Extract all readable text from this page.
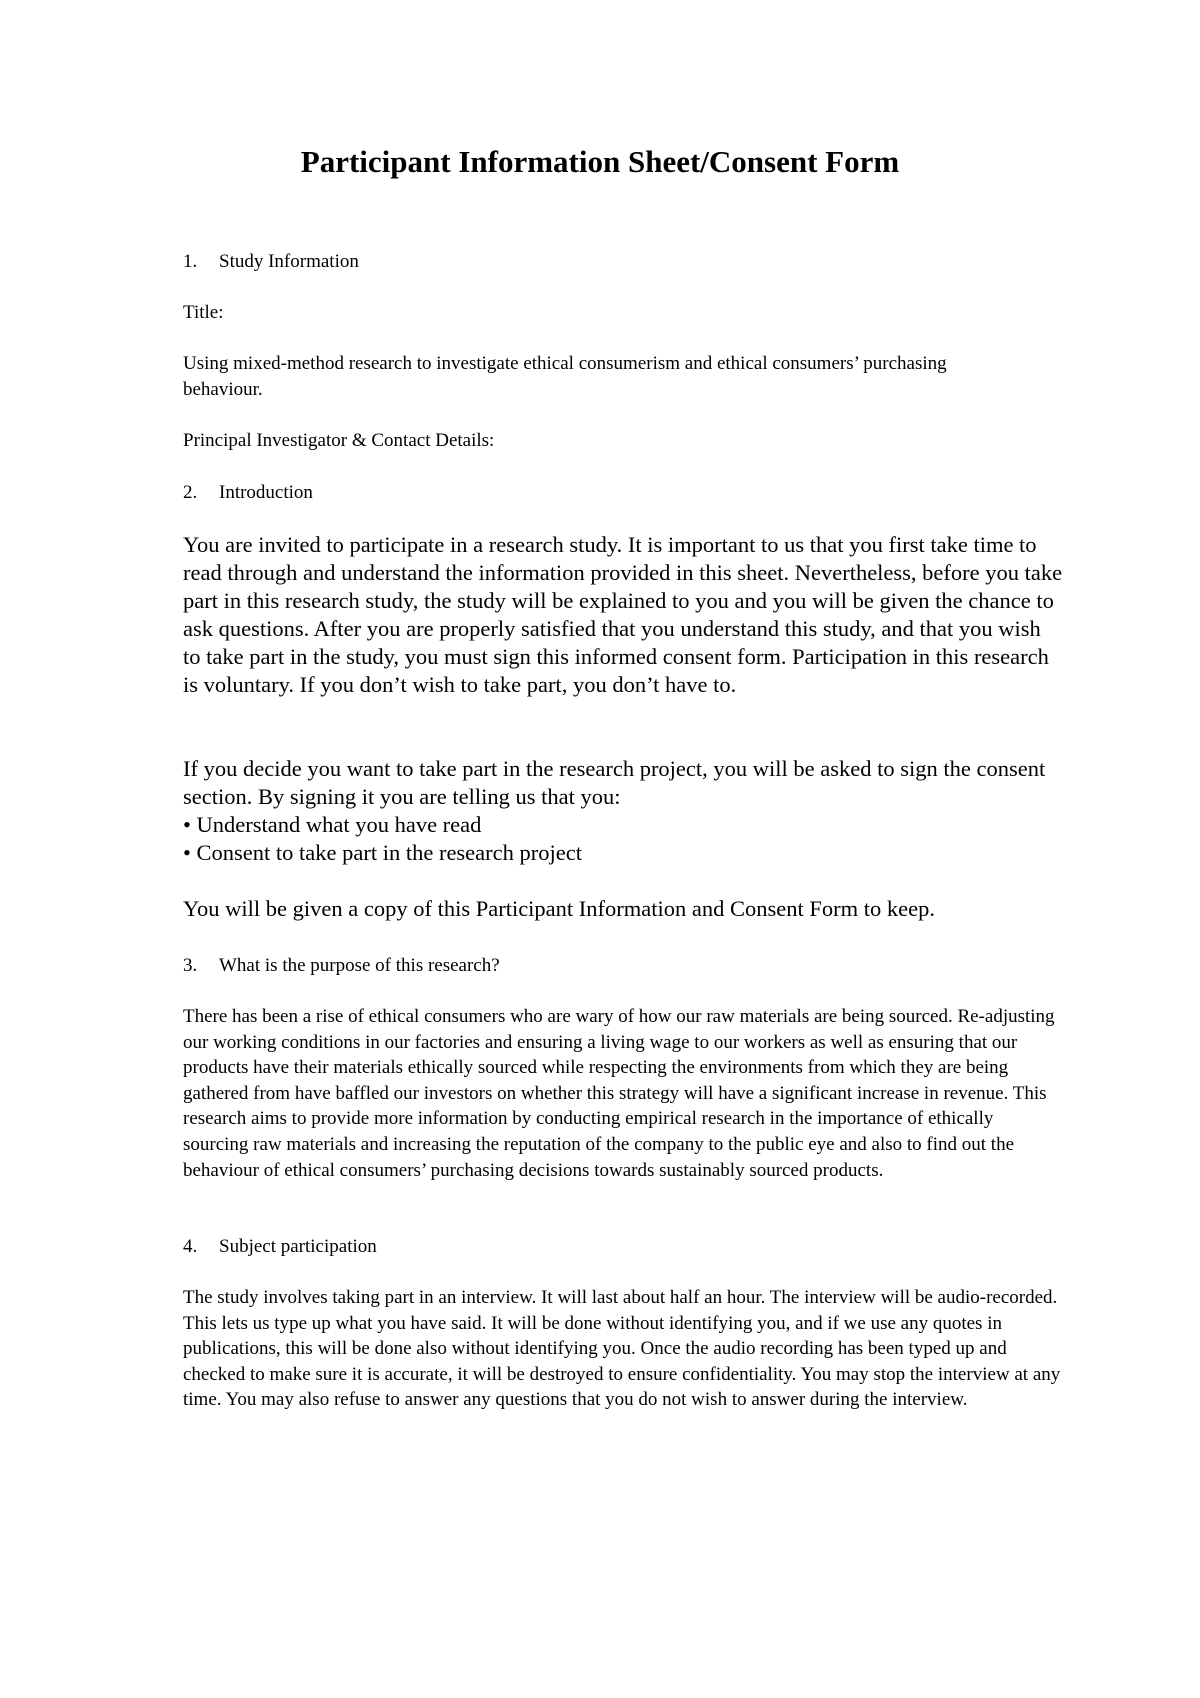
Participant Information Sheet/Consent Form
1. Study Information

Title:

Using mixed-method research to investigate ethical consumerism and ethical consumers’ purchasing behaviour.

Principal Investigator & Contact Details:

2. Introduction

You are invited to participate in a research study. It is important to us that you first take time to read through and understand the information provided in this sheet. Nevertheless, before you take part in this research study, the study will be explained to you and you will be given the chance to ask questions. After you are properly satisfied that you understand this study, and that you wish to take part in the study, you must sign this informed consent form. Participation in this research is voluntary. If you don’t wish to take part, you don’t have to.

If you decide you want to take part in the research project, you will be asked to sign the consent section. By signing it you are telling us that you:

• Understand what you have read
• Consent to take part in the research project

You will be given a copy of this Participant Information and Consent Form to keep.

3. What is the purpose of this research?

There has been a rise of ethical consumers who are wary of how our raw materials are being sourced. Re-adjusting our working conditions in our factories and ensuring a living wage to our workers as well as ensuring that our products have their materials ethically sourced while respecting the environments from which they are being gathered from have baffled our investors on whether this strategy will have a significant increase in revenue. This research aims to provide more information by conducting empirical research in the importance of ethically sourcing raw materials and increasing the reputation of the company to the public eye and also to find out the behaviour of ethical consumers’ purchasing decisions towards sustainably sourced products.

4. Subject participation

The study involves taking part in an interview. It will last about half an hour. The interview will be audio-recorded. This lets us type up what you have said. It will be done without identifying you, and if we use any quotes in publications, this will be done also without identifying you. Once the audio recording has been typed up and checked to make sure it is accurate, it will be destroyed to ensure confidentiality. You may stop the interview at any time. You may also refuse to answer any questions that you do not wish to answer during the interview.
